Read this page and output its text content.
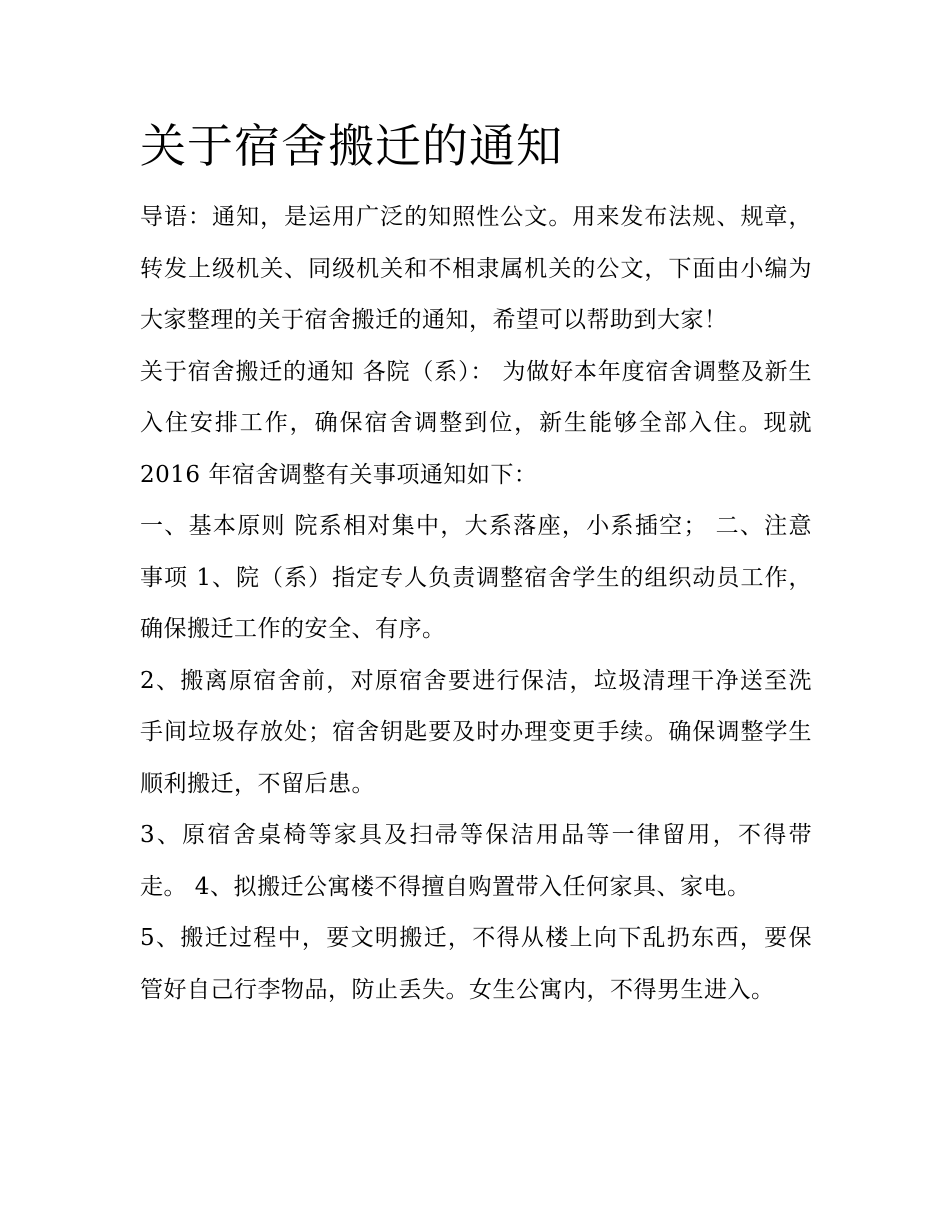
关于宿舍搬迁的通知

导语：通知，是运用广泛的知照性公文。用来发布法规、规章，转发上级机关、同级机关和不相隶属机关的公文，下面由小编为大家整理的关于宿舍搬迁的通知，希望可以帮助到大家！

关于宿舍搬迁的通知 各院（系）： 为做好本年度宿舍调整及新生入住安排工作，确保宿舍调整到位，新生能够全部入住。现就 2016 年宿舍调整有关事项通知如下：

一、基本原则 院系相对集中，大系落座，小系插空； 二、注意事项 1、院（系）指定专人负责调整宿舍学生的组织动员工作，确保搬迁工作的安全、有序。

2、搬离原宿舍前，对原宿舍要进行保洁，垃圾清理干净送至洗手间垃圾存放处；宿舍钥匙要及时办理变更手续。确保调整学生顺利搬迁，不留后患。

3、原宿舍桌椅等家具及扫帚等保洁用品等一律留用，不得带走。 4、拟搬迁公寓楼不得擅自购置带入任何家具、家电。

5、搬迁过程中，要文明搬迁，不得从楼上向下乱扔东西，要保管好自己行李物品，防止丢失。女生公寓内，不得男生进入。
